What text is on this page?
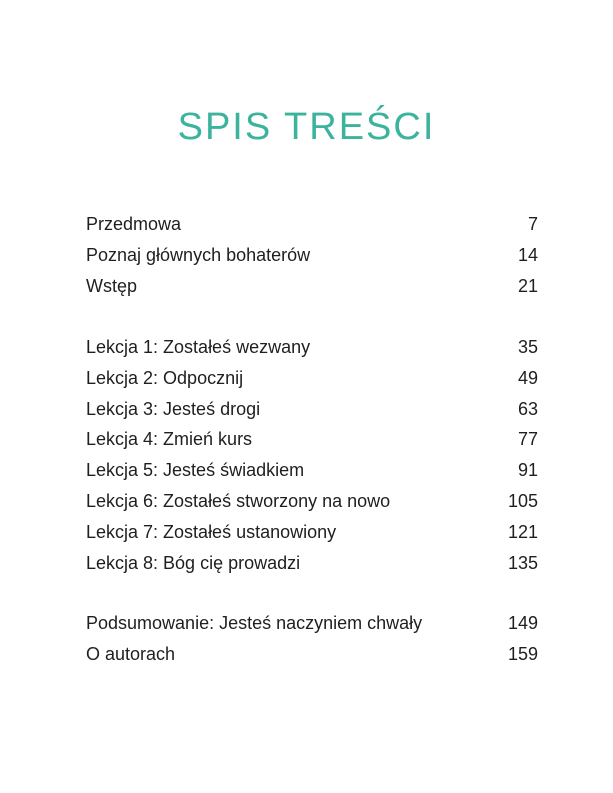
SPIS TREŚCI
Przedmowa	7
Poznaj głównych bohaterów	14
Wstęp	21
Lekcja 1: Zostałeś wezwany	35
Lekcja 2: Odpocznij	49
Lekcja 3: Jesteś drogi	63
Lekcja 4: Zmień kurs	77
Lekcja 5: Jesteś świadkiem	91
Lekcja 6: Zostałeś stworzony na nowo	105
Lekcja 7: Zostałeś ustanowiony	121
Lekcja 8: Bóg cię prowadzi	135
Podsumowanie: Jesteś naczyniem chwały	149
O autorach	159
